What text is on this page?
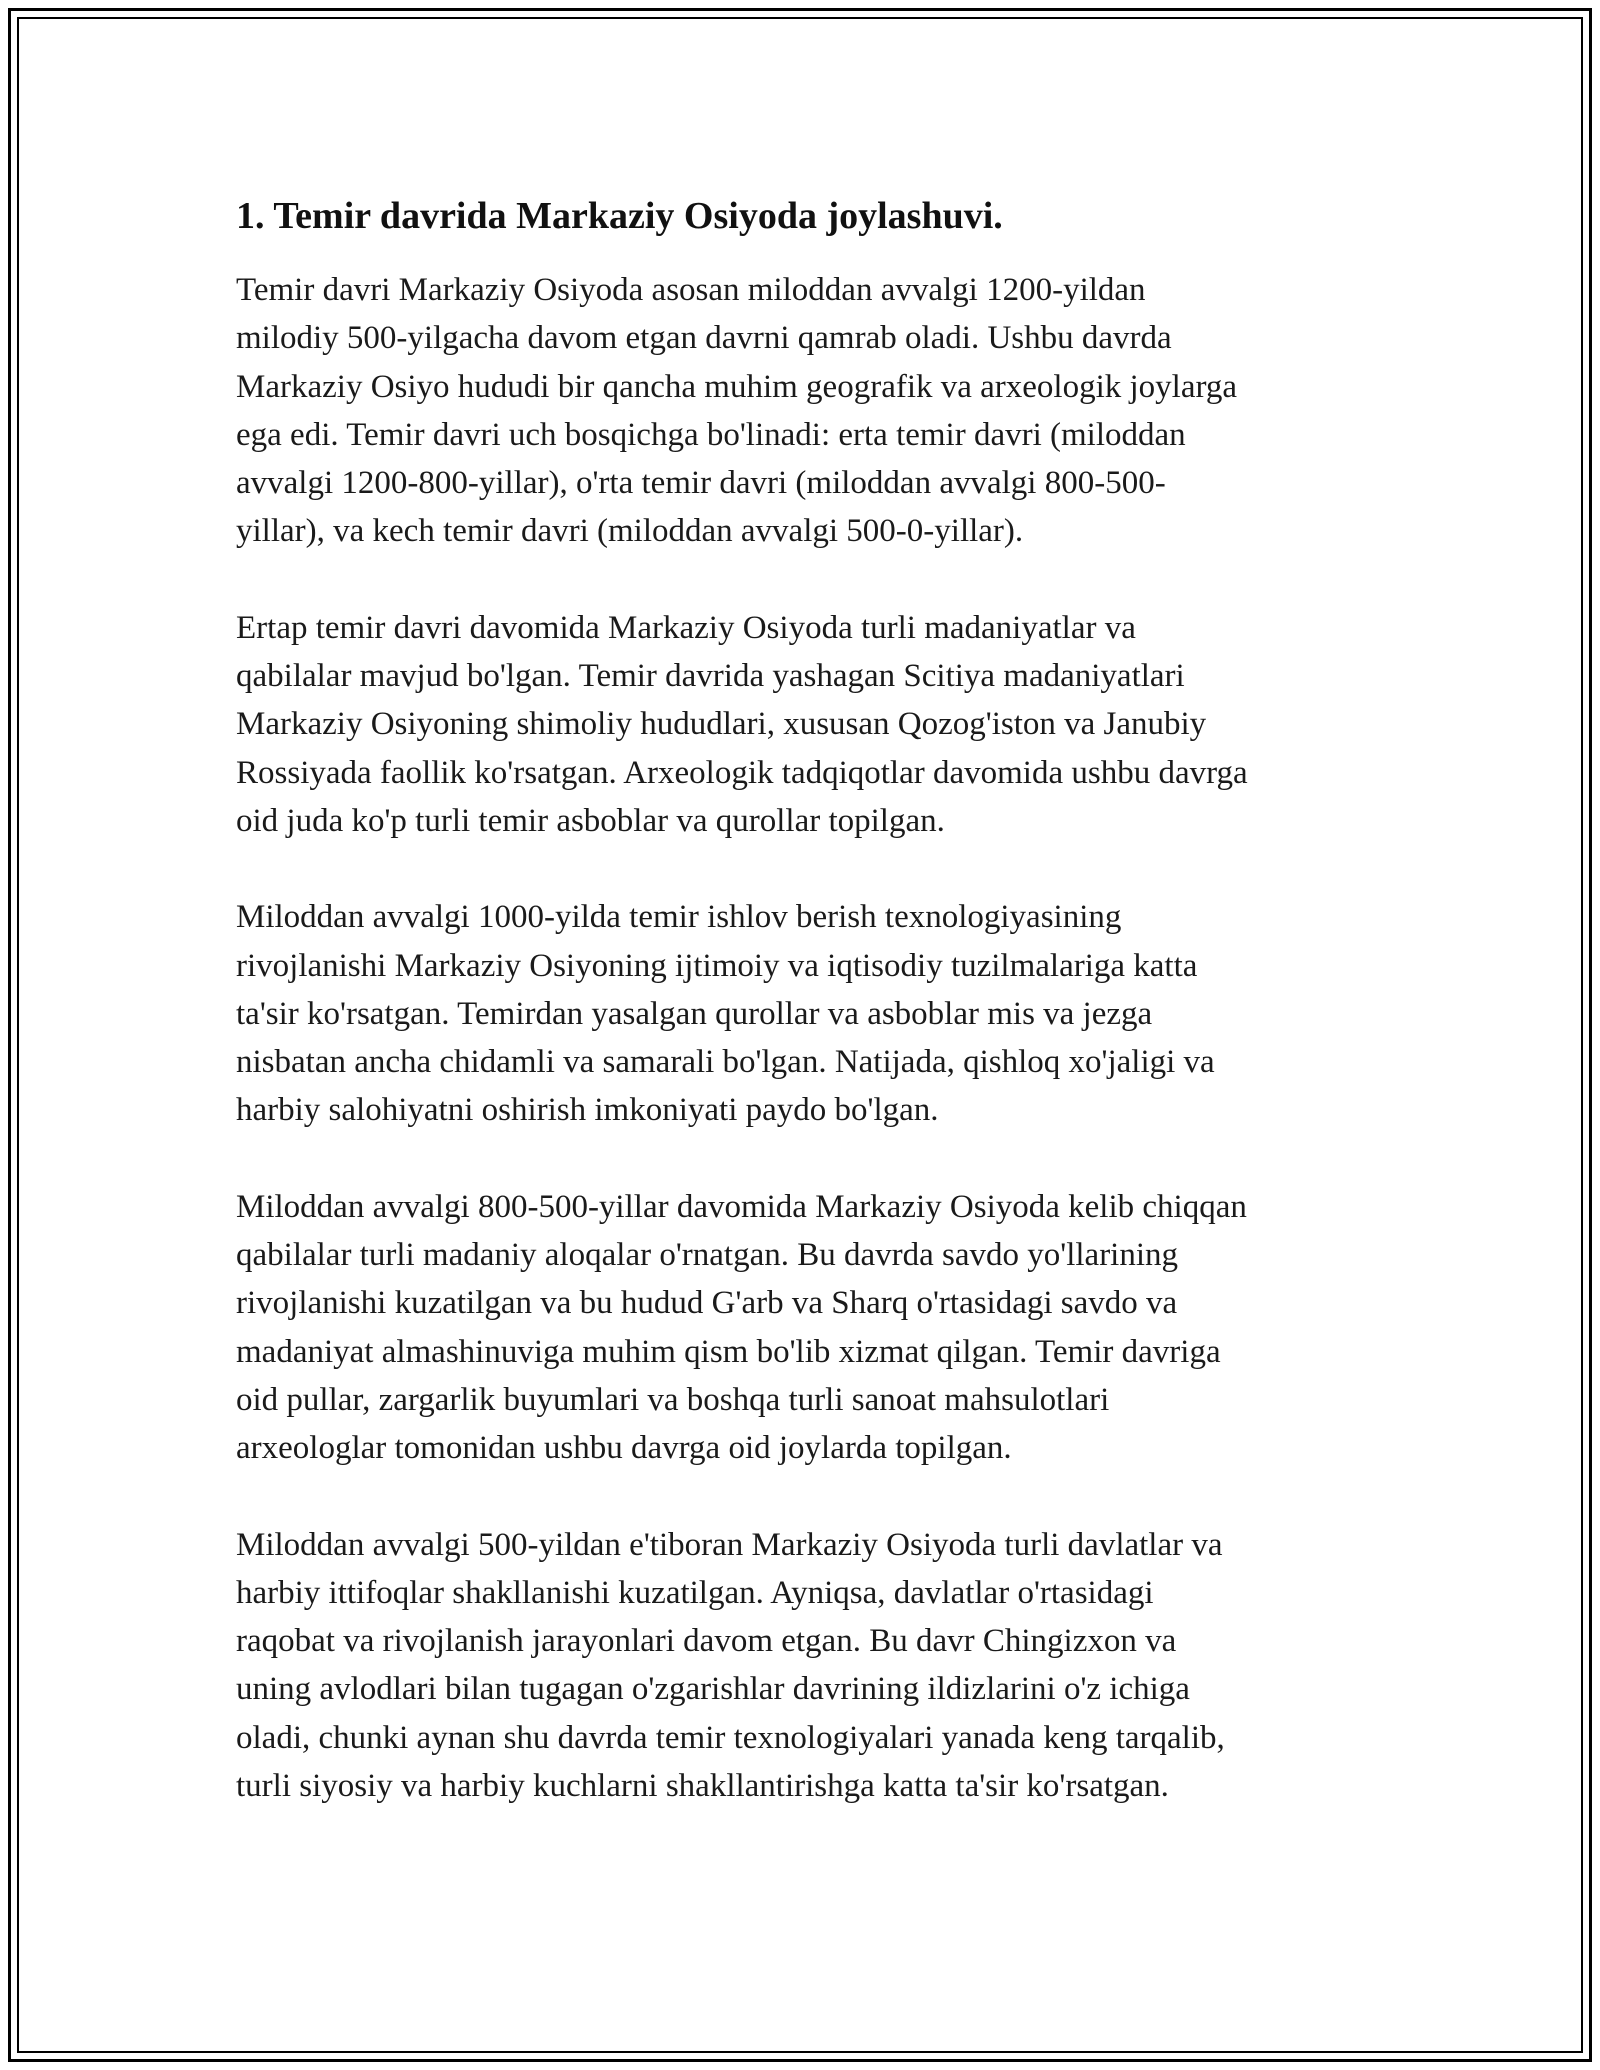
1. Temir davrida Markaziy Osiyoda joylashuvi.

Temir davri Markaziy Osiyoda asosan miloddan avvalgi 1200-yildan
milodiy 500-yilgacha davom etgan davrni qamrab oladi. Ushbu davrda
Markaziy Osiyo hududi bir qancha muhim geografik va arxeologik joylarga
ega edi. Temir davri uch bosqichga bo'linadi: erta temir davri (miloddan
avvalgi 1200-800-yillar), o'rta temir davri (miloddan avvalgi 800-500-
yillar), va kech temir davri (miloddan avvalgi 500-0-yillar).

Ertap temir davri davomida Markaziy Osiyoda turli madaniyatlar va
qabilalar mavjud bo'lgan. Temir davrida yashagan Scitiya madaniyatlari
Markaziy Osiyoning shimoliy hududlari, xususan Qozog'iston va Janubiy
Rossiyada faollik ko'rsatgan. Arxeologik tadqiqotlar davomida ushbu davrga
oid juda ko'p turli temir asboblar va qurollar topilgan.

Miloddan avvalgi 1000-yilda temir ishlov berish texnologiyasining
rivojlanishi Markaziy Osiyoning ijtimoiy va iqtisodiy tuzilmalariga katta
ta'sir ko'rsatgan. Temirdan yasalgan qurollar va asboblar mis va jezga
nisbatan ancha chidamli va samarali bo'lgan. Natijada, qishloq xo'jaligi va
harbiy salohiyatni oshirish imkoniyati paydo bo'lgan.

Miloddan avvalgi 800-500-yillar davomida Markaziy Osiyoda kelib chiqqan
qabilalar turli madaniy aloqalar o'rnatgan. Bu davrda savdo yo'llarining
rivojlanishi kuzatilgan va bu hudud G'arb va Sharq o'rtasidagi savdo va
madaniyat almashinuviga muhim qism bo'lib xizmat qilgan. Temir davriga
oid pullar, zargarlik buyumlari va boshqa turli sanoat mahsulotlari
arxeologlar tomonidan ushbu davrga oid joylarda topilgan.

Miloddan avvalgi 500-yildan e'tiboran Markaziy Osiyoda turli davlatlar va
harbiy ittifoqlar shakllanishi kuzatilgan. Ayniqsa, davlatlar o'rtasidagi
raqobat va rivojlanish jarayonlari davom etgan. Bu davr Chingizxon va
uning avlodlari bilan tugagan o'zgarishlar davrining ildizlarini o'z ichiga
oladi, chunki aynan shu davrda temir texnologiyalari yanada keng tarqalib,
turli siyosiy va harbiy kuchlarni shakllantirishga katta ta'sir ko'rsatgan.
